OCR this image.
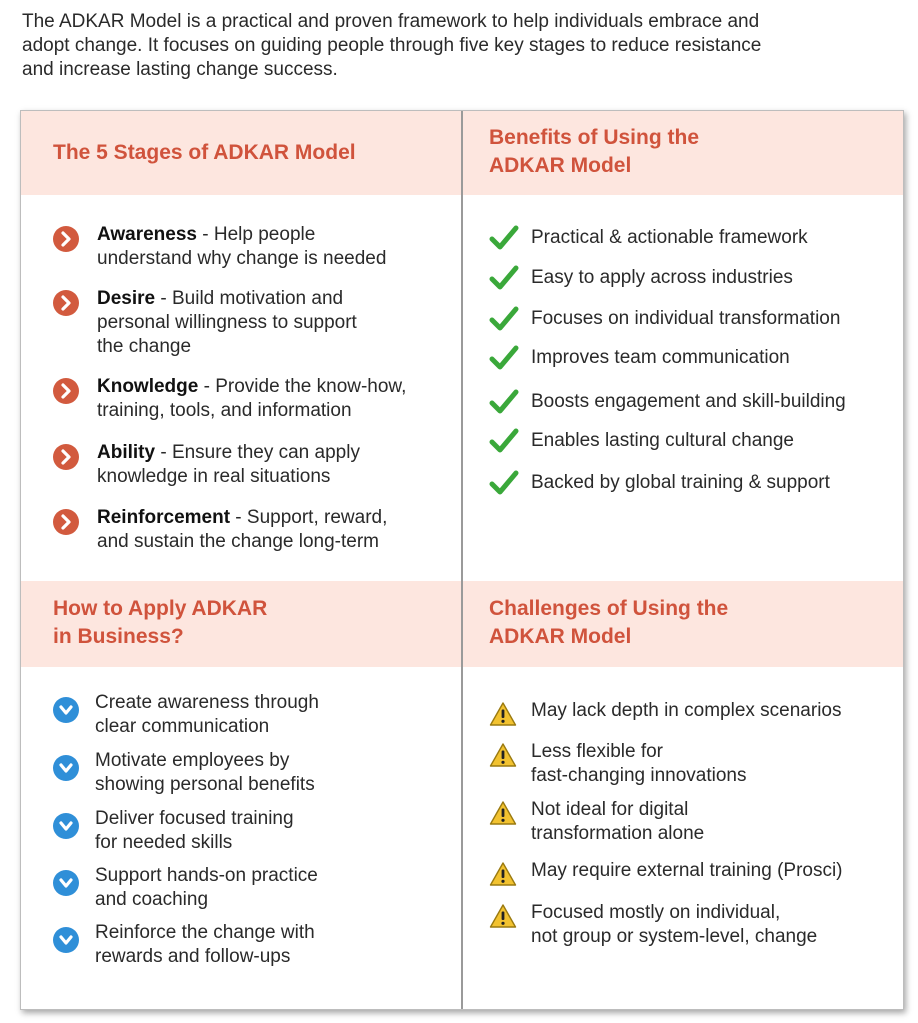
The ADKAR Model is a practical and proven framework to help individuals embrace and
adopt change. It focuses on guiding people through five key stages to reduce resistance
and increase lasting change success.
The 5 Stages of ADKAR Model
Benefits of Using the
ADKAR Model
How to Apply ADKAR
in Business?
Challenges of Using the
ADKAR Model
Awareness - Help people
understand why change is needed
Desire - Build motivation and
personal willingness to support
the change
Knowledge - Provide the know-how,
training, tools, and information
Ability - Ensure they can apply
knowledge in real situations
Reinforcement - Support, reward,
and sustain the change long-term
Practical & actionable framework
Easy to apply across industries
Focuses on individual transformation
Improves team communication
Boosts engagement and skill-building
Enables lasting cultural change
Backed by global training & support
Create awareness through
clear communication
Motivate employees by
showing personal benefits
Deliver focused training
for needed skills
Support hands-on practice
and coaching
Reinforce the change with
rewards and follow-ups
May lack depth in complex scenarios
Less flexible for
fast-changing innovations
Not ideal for digital
transformation alone
May require external training (Prosci)
Focused mostly on individual,
not group or system-level, change
